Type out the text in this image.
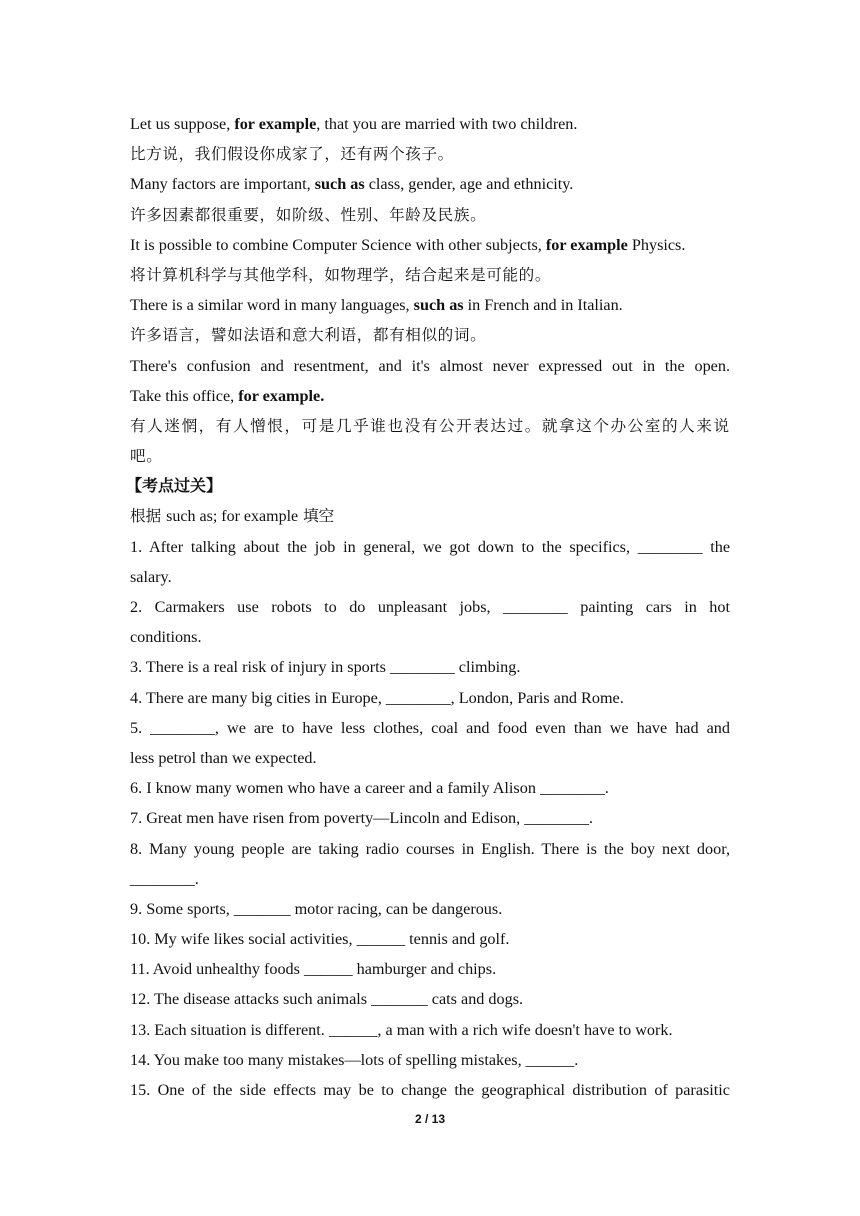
Let us suppose, for example, that you are married with two children.
比方说，我们假设你成家了，还有两个孩子。
Many factors are important, such as class, gender, age and ethnicity.
许多因素都很重要，如阶级、性别、年龄及民族。
It is possible to combine Computer Science with other subjects, for example Physics.
将计算机科学与其他学科，如物理学，结合起来是可能的。
There is a similar word in many languages, such as in French and in Italian.
许多语言，譬如法语和意大利语，都有相似的词。
There's confusion and resentment, and it's almost never expressed out in the open.
Take this office, for example.
有人迷惘，有人憎恨，可是几乎谁也没有公开表达过。就拿这个办公室的人来说
吧。
【考点过关】
根据 such as; for example 填空
1. After talking about the job in general, we got down to the specifics, ________ the
salary.
2. Carmakers use robots to do unpleasant jobs, ________ painting cars in hot
conditions.
3. There is a real risk of injury in sports ________ climbing.
4. There are many big cities in Europe, ________, London, Paris and Rome.
5. ________, we are to have less clothes, coal and food even than we have had and
less petrol than we expected.
6. I know many women who have a career and a family Alison ________.
7. Great men have risen from poverty—Lincoln and Edison, ________.
8. Many young people are taking radio courses in English. There is the boy next door,
________.
9. Some sports, _______ motor racing, can be dangerous.
10. My wife likes social activities, ______ tennis and golf.
11. Avoid unhealthy foods ______ hamburger and chips.
12. The disease attacks such animals _______ cats and dogs.
13. Each situation is different. ______, a man with a rich wife doesn't have to work.
14. You make too many mistakes—lots of spelling mistakes, ______.
15. One of the side effects may be to change the geographical distribution of parasitic
2 / 13
